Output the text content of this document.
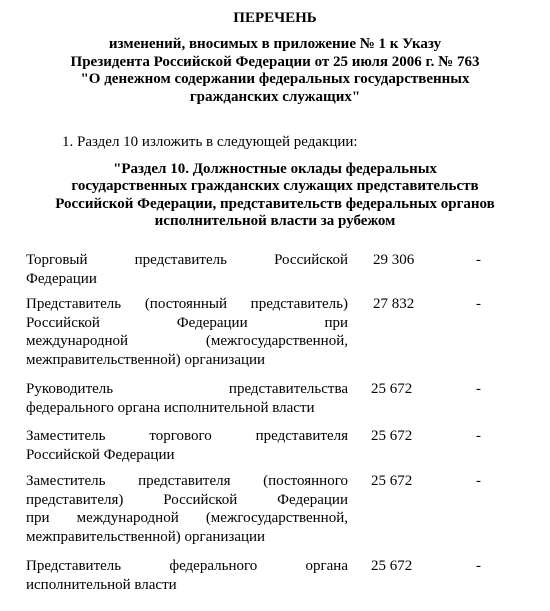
ПЕРЕЧЕНЬ
изменений, вносимых в приложение № 1 к Указу
Президента Российской Федерации от 25 июля 2006 г. № 763
"О денежном содержании федеральных государственных
гражданских служащих"
1. Раздел 10 изложить в следующей редакции:
"Раздел 10. Должностные оклады федеральных
государственных гражданских служащих представительств
Российской Федерации, представительств федеральных органов
исполнительной власти за рубежом
Торговый	представитель	Российской
Федерации
29 306	-
Представитель (постоянный представитель)
Российской	Федерации	при
международной	(межгосударственной,
межправительственной) организации
27 832	-
Руководитель	представительства
федерального органа исполнительной власти
25 672	-
Заместитель	торгового	представителя
Российской Федерации
25 672	-
Заместитель представителя (постоянного
представителя)	Российской	Федерации
при международной (межгосударственной,
межправительственной) организации
25 672	-
Представитель	федерального	органа
исполнительной власти
25 672	-
